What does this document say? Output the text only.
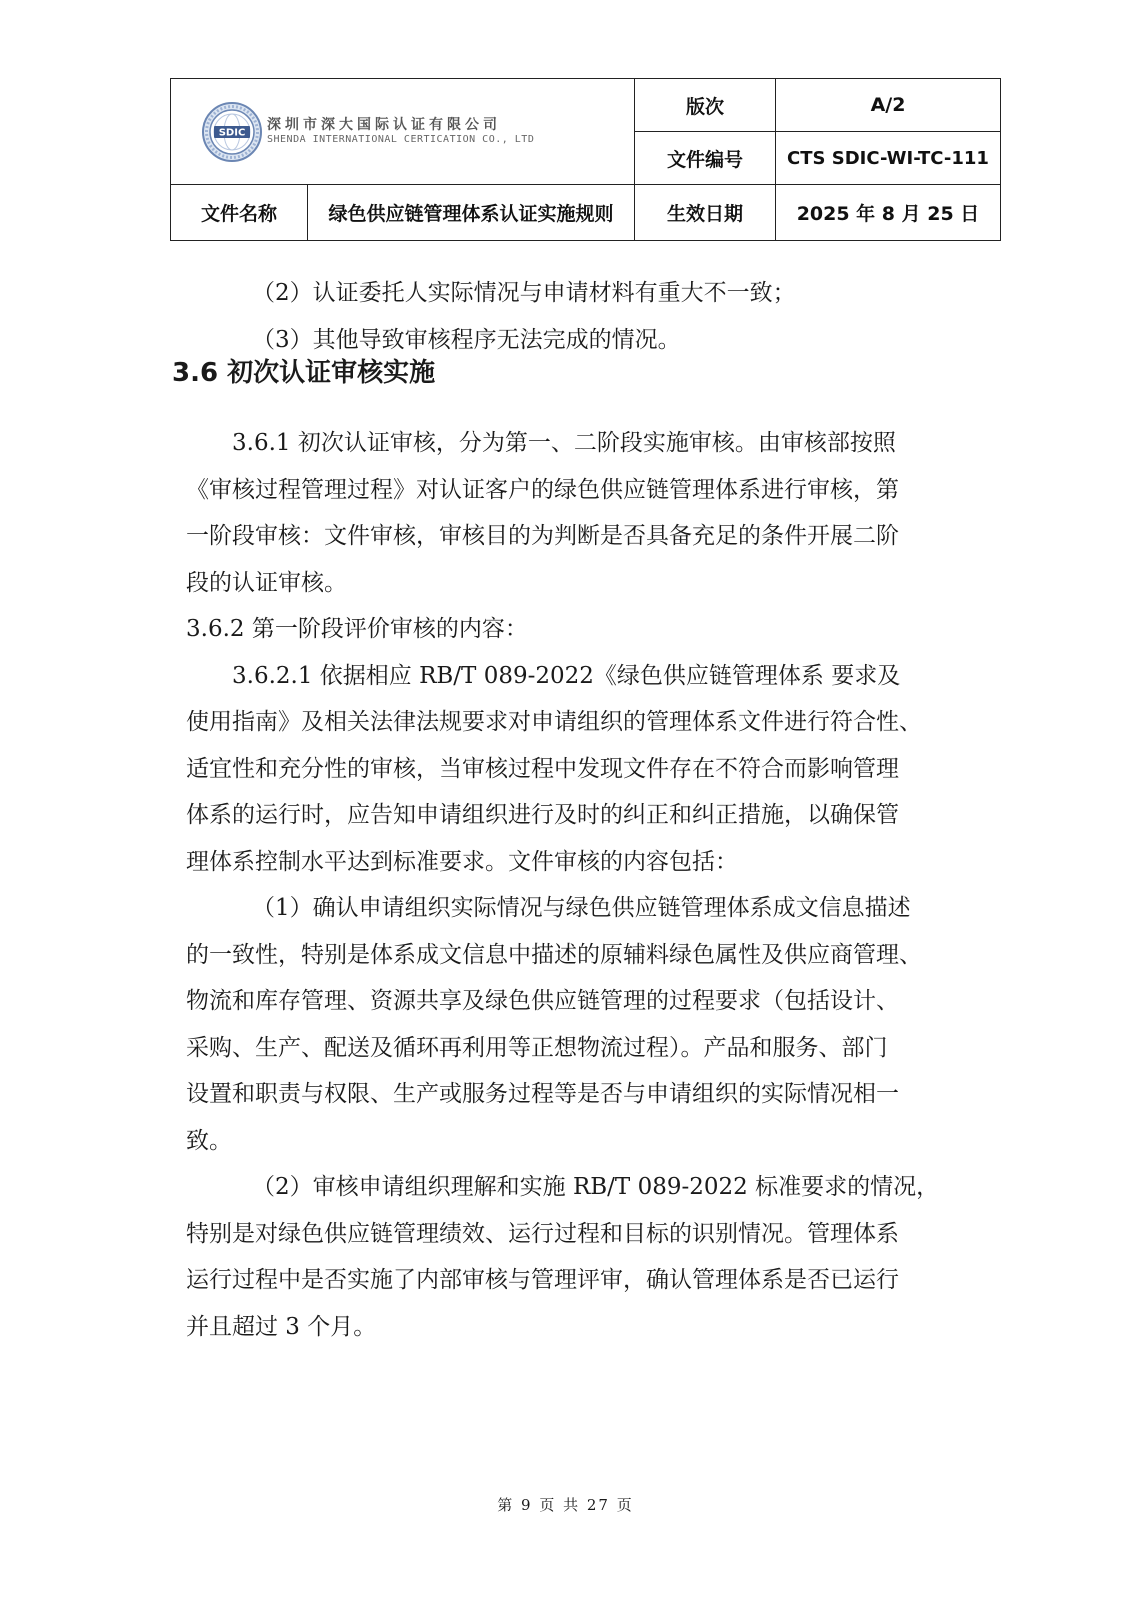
SDIC 深圳市深大国际认证有限公司
SHENDA INTERNATIONAL CERTICATION CO., LTD		版次	A/2
		文件编号	CTS SDIC-WI-TC-111
文件名称	绿色供应链管理体系认证实施规则	生效日期	2025 年 8 月 25 日

（2）认证委托人实际情况与申请材料有重大不一致；

（3）其他导致审核程序无法完成的情况。

3.6 初次认证审核实施

3.6.1 初次认证审核，分为第一、二阶段实施审核。由审核部按照

《审核过程管理过程》对认证客户的绿色供应链管理体系进行审核，第

一阶段审核：文件审核，审核目的为判断是否具备充足的条件开展二阶

段的认证审核。

3.6.2 第一阶段评价审核的内容：

3.6.2.1 依据相应 RB/T 089-2022《绿色供应链管理体系 要求及

使用指南》及相关法律法规要求对申请组织的管理体系文件进行符合性、

适宜性和充分性的审核，当审核过程中发现文件存在不符合而影响管理

体系的运行时，应告知申请组织进行及时的纠正和纠正措施，以确保管

理体系控制水平达到标准要求。文件审核的内容包括：

（1）确认申请组织实际情况与绿色供应链管理体系成文信息描述

的一致性，特别是体系成文信息中描述的原辅料绿色属性及供应商管理、

物流和库存管理、资源共享及绿色供应链管理的过程要求（包括设计、

采购、生产、配送及循环再利用等正想物流过程）。产品和服务、部门

设置和职责与权限、生产或服务过程等是否与申请组织的实际情况相一

致。

（2）审核申请组织理解和实施 RB/T 089-2022 标准要求的情况，

特别是对绿色供应链管理绩效、运行过程和目标的识别情况。管理体系

运行过程中是否实施了内部审核与管理评审，确认管理体系是否已运行

并且超过 3 个月。

第 9 页 共 27 页
